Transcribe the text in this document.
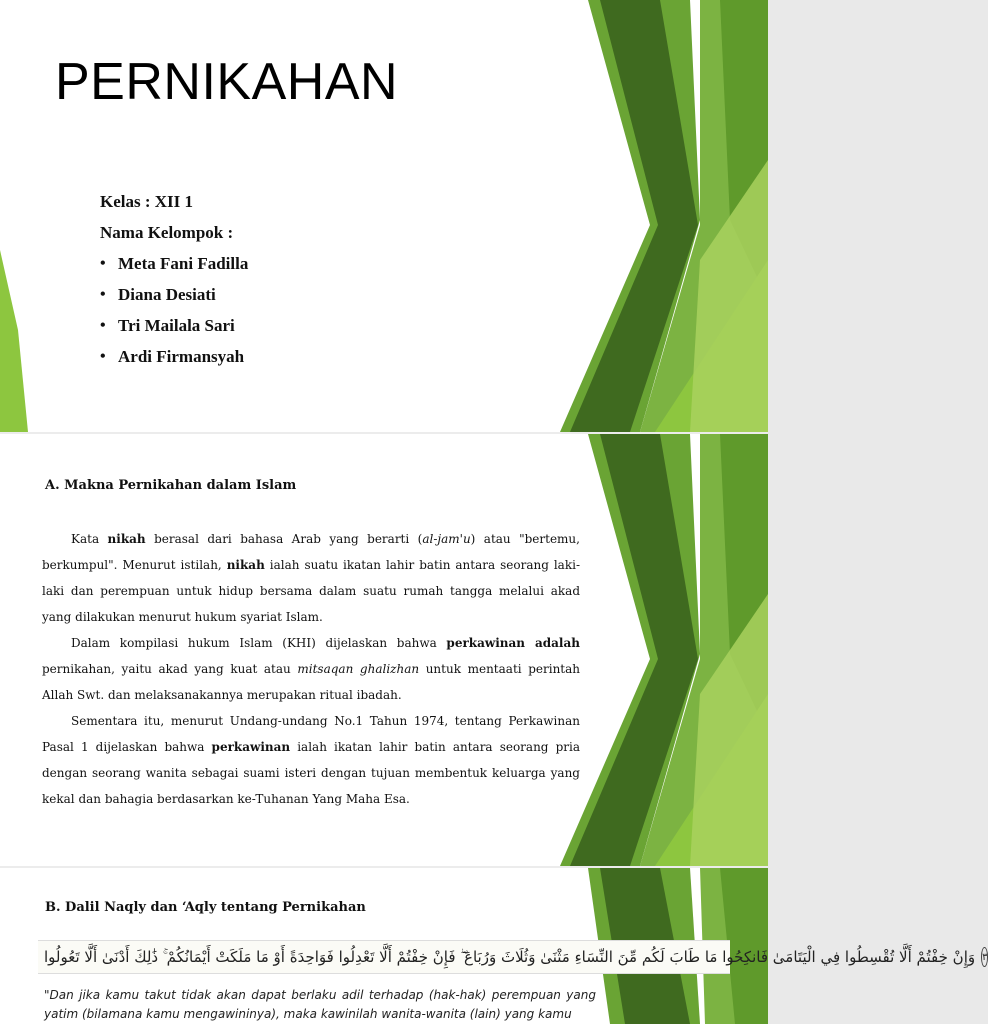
PERNIKAHAN
Kelas : XII 1
Nama Kelompok :
• Meta Fani Fadilla
• Diana Desiati
• Tri Mailala Sari
• Ardi Firmansyah
A. Makna Pernikahan dalam Islam

Kata nikah berasal dari bahasa Arab yang berarti (al-jam'u) atau "bertemu, berkumpul". Menurut istilah, nikah ialah suatu ikatan lahir batin antara seorang laki-laki dan perempuan untuk hidup bersama dalam suatu rumah tangga melalui akad yang dilakukan menurut hukum syariat Islam.

Dalam kompilasi hukum Islam (KHI) dijelaskan bahwa perkawinan adalah pernikahan, yaitu akad yang kuat atau mitsaqan ghalizhan untuk mentaati perintah Allah Swt. dan melaksanakannya merupakan ritual ibadah.

Sementara itu, menurut Undang-undang No.1 Tahun 1974, tentang Perkawinan Pasal 1 dijelaskan bahwa perkawinan ialah ikatan lahir batin antara seorang pria dengan seorang wanita sebagai suami isteri dengan tujuan membentuk keluarga yang kekal dan bahagia berdasarkan ke-Tuhanan Yang Maha Esa.

B. Dalil Naqly dan ‘Aqly tentang Pernikahan
٣
وَإِنْ خِفْتُمْ أَلَّا تُقْسِطُوا فِي الْيَتَامَىٰ فَانكِحُوا مَا طَابَ لَكُم مِّنَ النِّسَاءِ مَثْنَىٰ وَثُلَاثَ وَرُبَاعَ ۖ فَإِنْ خِفْتُمْ أَلَّا تَعْدِلُوا فَوَاحِدَةً أَوْ مَا مَلَكَتْ أَيْمَانُكُمْ ۚ ذَٰلِكَ أَدْنَىٰ أَلَّا تَعُولُوا
"Dan jika kamu takut tidak akan dapat berlaku adil terhadap (hak-hak) perempuan yang yatim (bilamana kamu mengawininya), maka kawinilah wanita-wanita (lain) yang kamu
